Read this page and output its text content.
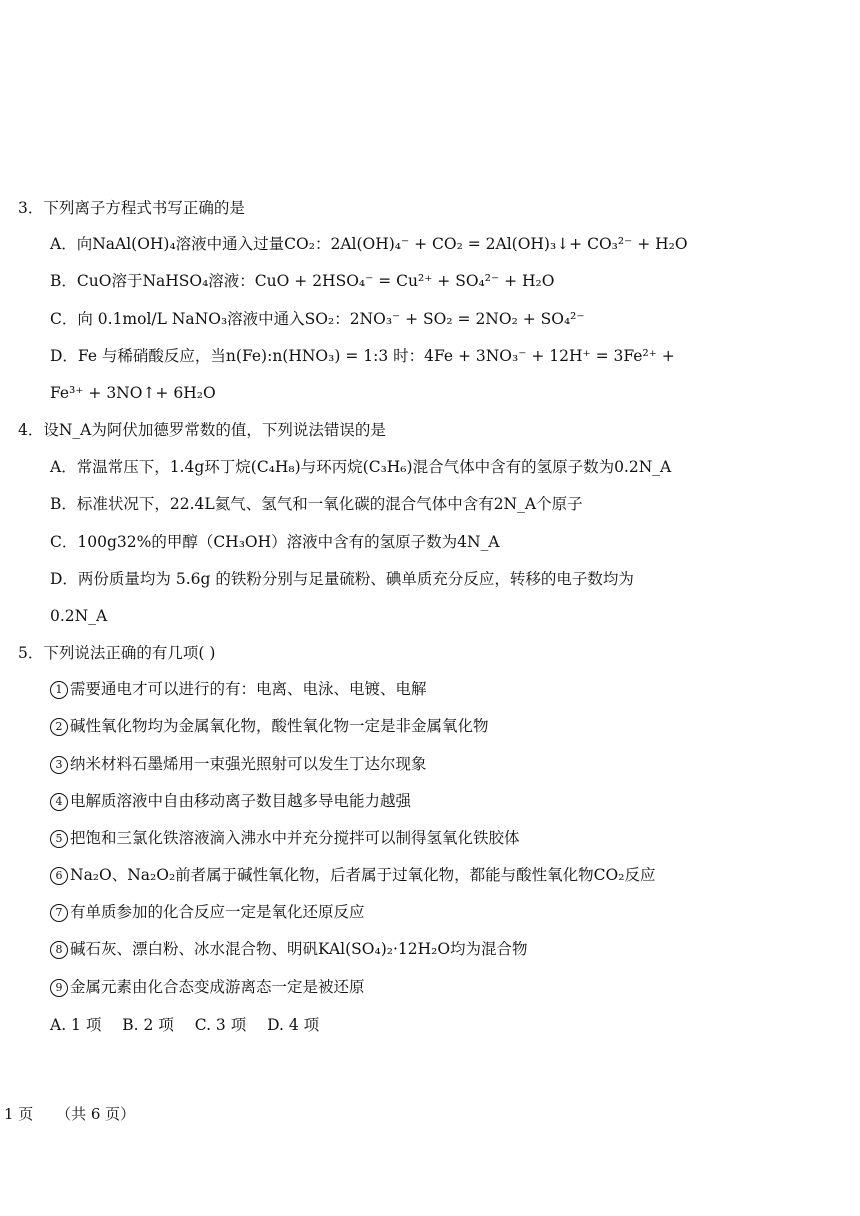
3．下列离子方程式书写正确的是
A．向NaAl(OH)₄溶液中通入过量CO₂：2Al(OH)₄⁻ + CO₂ = 2Al(OH)₃↓+ CO₃²⁻ + H₂O
B．CuO溶于NaHSO₄溶液：CuO + 2HSO₄⁻ = Cu²⁺ + SO₄²⁻ + H₂O
C．向 0.1mol/L NaNO₃溶液中通入SO₂：2NO₃⁻ + SO₂ = 2NO₂ + SO₄²⁻
D．Fe 与稀硝酸反应，当n(Fe):n(HNO₃) = 1:3 时：4Fe + 3NO₃⁻ + 12H⁺ = 3Fe²⁺ +
Fe³⁺ + 3NO↑+ 6H₂O
4．设N_A为阿伏加德罗常数的值，下列说法错误的是
A．常温常压下，1.4g环丁烷(C₄H₈)与环丙烷(C₃H₆)混合气体中含有的氢原子数为0.2N_A
B．标准状况下，22.4L氦气、氢气和一氧化碳的混合气体中含有2N_A个原子
C．100g32%的甲醇（CH₃OH）溶液中含有的氢原子数为4N_A
D．两份质量均为 5.6g 的铁粉分别与足量硫粉、碘单质充分反应，转移的电子数均为
0.2N_A
5．下列说法正确的有几项( )
1 需要通电才可以进行的有：电离、电泳、电镀、电解
2 碱性氧化物均为金属氧化物，酸性氧化物一定是非金属氧化物
3 纳米材料石墨烯用一束强光照射可以发生丁达尔现象
4 电解质溶液中自由移动离子数目越多导电能力越强
5 把饱和三氯化铁溶液滴入沸水中并充分搅拌可以制得氢氧化铁胶体
6 Na₂O、Na₂O₂前者属于碱性氧化物，后者属于过氧化物，都能与酸性氧化物CO₂反应
7 有单质参加的化合反应一定是氧化还原反应
8 碱石灰、漂白粉、冰水混合物、明矾KAl(SO₄)₂·12H₂O均为混合物
9 金属元素由化合态变成游离态一定是被还原
A. 1 项 B. 2 项 C. 3 项 D. 4 项
1 页 （共 6 页）
